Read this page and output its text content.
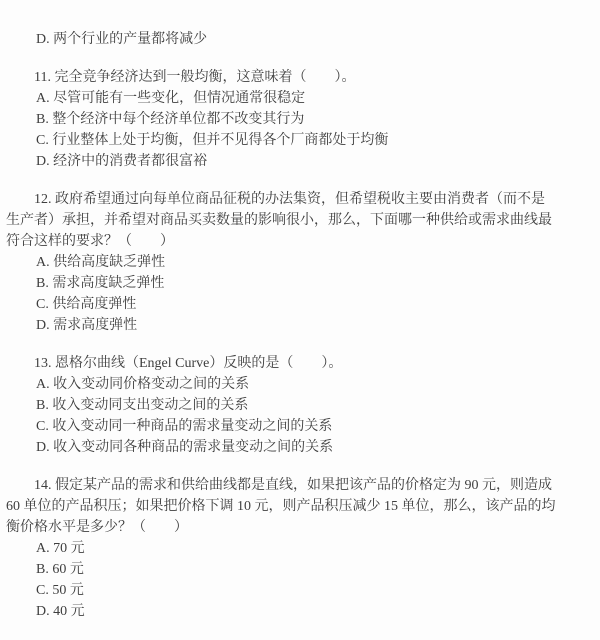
D. 两个行业的产量都将减少
11. 完全竞争经济达到一般均衡，这意味着（　　）。
A. 尽管可能有一些变化，但情况通常很稳定
B. 整个经济中每个经济单位都不改变其行为
C. 行业整体上处于均衡，但并不见得各个厂商都处于均衡
D. 经济中的消费者都很富裕
12. 政府希望通过向每单位商品征税的办法集资，但希望税收主要由消费者（而不是
生产者）承担，并希望对商品买卖数量的影响很小，那么，下面哪一种供给或需求曲线最
符合这样的要求？（　　）
A. 供给高度缺乏弹性
B. 需求高度缺乏弹性
C. 供给高度弹性
D. 需求高度弹性
13. 恩格尔曲线（Engel Curve）反映的是（　　）。
A. 收入变动同价格变动之间的关系
B. 收入变动同支出变动之间的关系
C. 收入变动同一种商品的需求量变动之间的关系
D. 收入变动同各种商品的需求量变动之间的关系
14. 假定某产品的需求和供给曲线都是直线，如果把该产品的价格定为 90 元，则造成
60 单位的产品积压；如果把价格下调 10 元，则产品积压减少 15 单位，那么，该产品的均
衡价格水平是多少？（　　）
A. 70 元
B. 60 元
C. 50 元
D. 40 元
